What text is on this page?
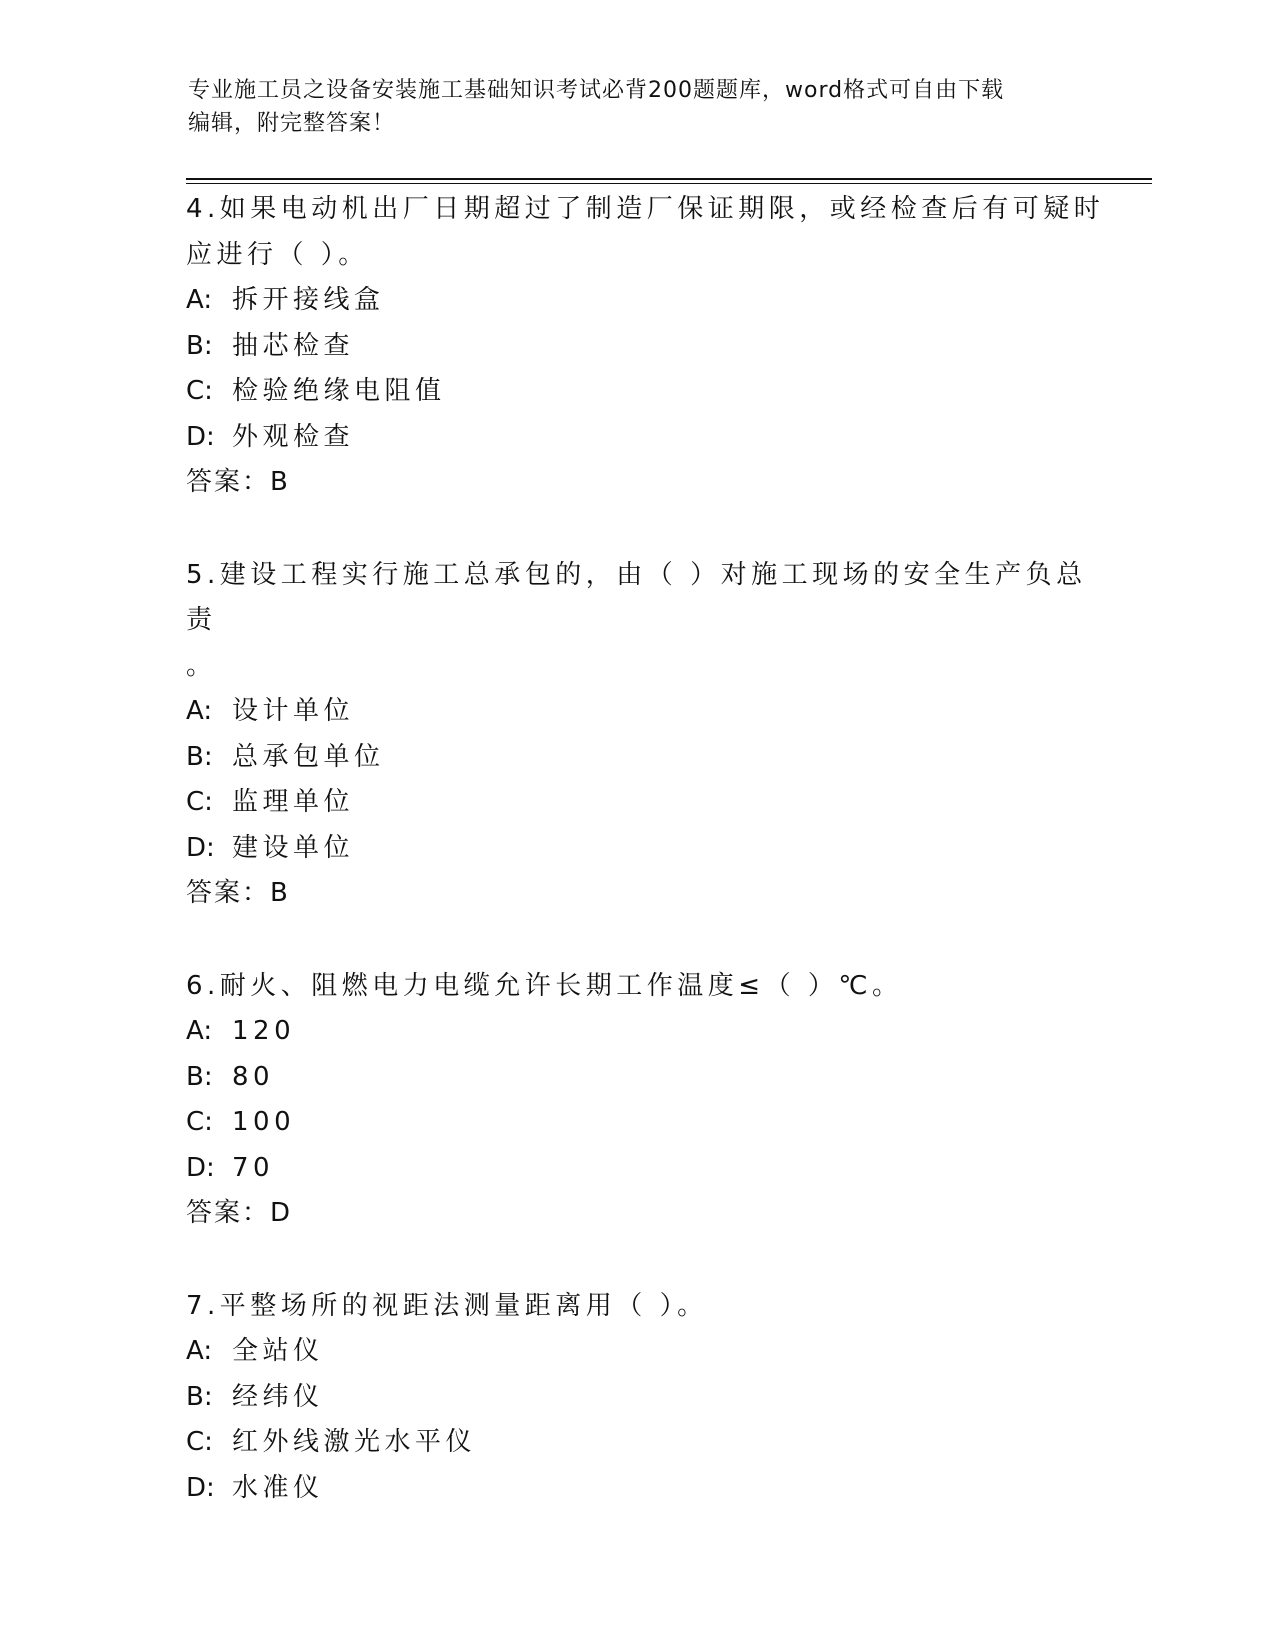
专业施工员之设备安装施工基础知识考试必背200题题库，word格式可自由下载
编辑，附完整答案！
4.如果电动机出厂日期超过了制造厂保证期限，或经检查后有可疑时
应进行（ ）。
A: 拆开接线盒
B: 抽芯检查
C: 检验绝缘电阻值
D: 外观检查
答案：B
5.建设工程实行施工总承包的，由（ ）对施工现场的安全生产负总责
。
A: 设计单位
B: 总承包单位
C: 监理单位
D: 建设单位
答案：B
6.耐火、阻燃电力电缆允许长期工作温度≤（ ）℃。
A: 120
B: 80
C: 100
D: 70
答案：D
7.平整场所的视距法测量距离用（ ）。
A: 全站仪
B: 经纬仪
C: 红外线激光水平仪
D: 水准仪
